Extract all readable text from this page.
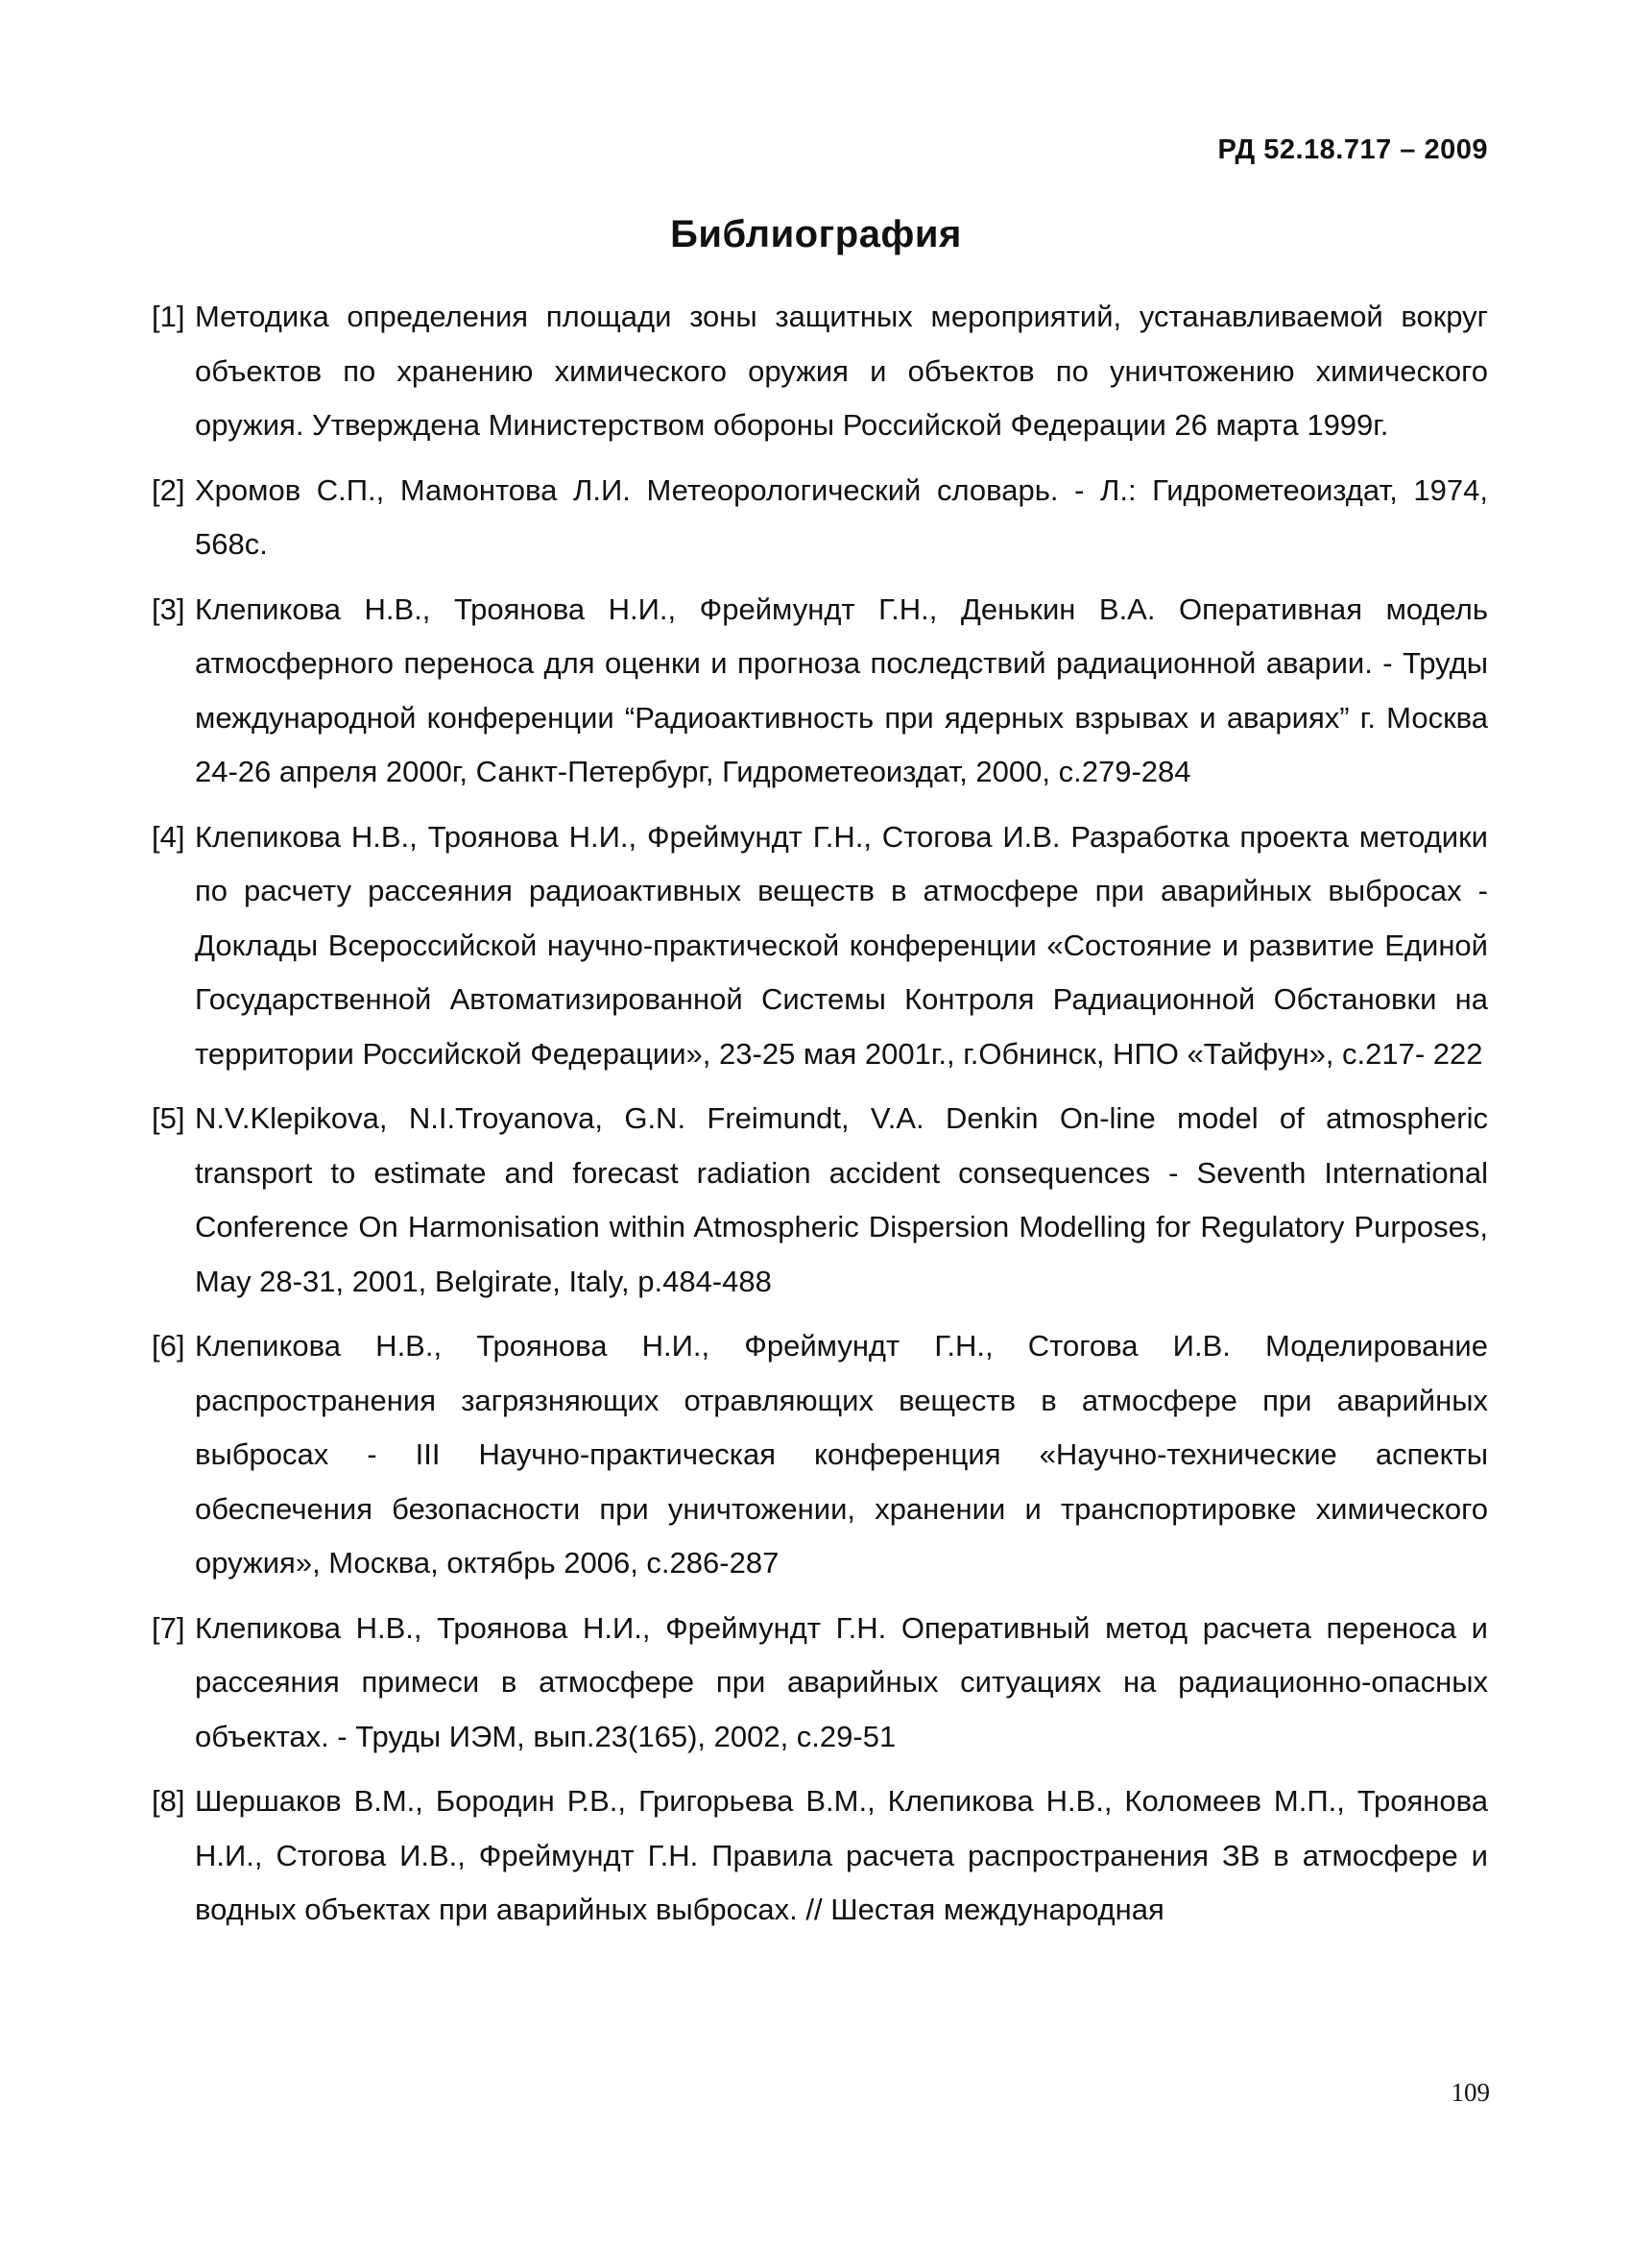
РД 52.18.717 – 2009
Библиография
[1] Методика определения площади зоны защитных мероприятий, устанавливаемой вокруг объектов по хранению химического оружия и объектов по уничтожению химического оружия. Утверждена Министерством обороны Российской Федерации 26 марта 1999г.
[2] Хромов С.П., Мамонтова Л.И. Метеорологический словарь. - Л.: Гидрометеоиздат, 1974, 568с.
[3] Клепикова Н.В., Троянова Н.И., Фреймундт Г.Н., Денькин В.А. Оперативная модель атмосферного переноса для оценки и прогноза последствий радиационной аварии. - Труды международной конференции “Радиоактивность при ядерных взрывах и авариях” г. Москва 24-26 апреля 2000г, Санкт-Петербург, Гидрометеоиздат, 2000, с.279-284
[4] Клепикова Н.В., Троянова Н.И., Фреймундт Г.Н., Стогова И.В. Разработка проекта методики по расчету рассеяния радиоактивных веществ в атмосфере при аварийных выбросах - Доклады Всероссийской научно-практической конференции «Состояние и развитие Единой Государственной Автоматизированной Системы Контроля Радиационной Обстановки на территории Российской Федерации», 23-25 мая 2001г., г.Обнинск, НПО «Тайфун», с.217- 222
[5] N.V.Klepikova, N.I.Troyanova, G.N. Freimundt, V.A. Denkin On-line model of atmospheric transport to estimate and forecast radiation accident consequences - Seventh International Conference On Harmonisation within Atmospheric Dispersion Modelling for Regulatory Purposes, May 28-31, 2001, Belgirate, Italy, p.484-488
[6] Клепикова Н.В., Троянова Н.И., Фреймундт Г.Н., Стогова И.В. Моделирование распространения загрязняющих отравляющих веществ в атмосфере при аварийных выбросах - III Научно-практическая конференция «Научно-технические аспекты обеспечения безопасности при уничтожении, хранении и транспортировке химического оружия», Москва, октябрь 2006, с.286-287
[7] Клепикова Н.В., Троянова Н.И., Фреймундт Г.Н. Оперативный метод расчета переноса и рассеяния примеси в атмосфере при аварийных ситуациях на радиационно-опасных объектах. - Труды ИЭМ, вып.23(165), 2002, с.29-51
[8] Шершаков В.М., Бородин Р.В., Григорьева В.М., Клепикова Н.В., Коломеев М.П., Троянова Н.И., Стогова И.В., Фреймундт Г.Н. Правила расчета распространения ЗВ в атмосфере и водных объектах при аварийных выбросах. // Шестая международная
109
